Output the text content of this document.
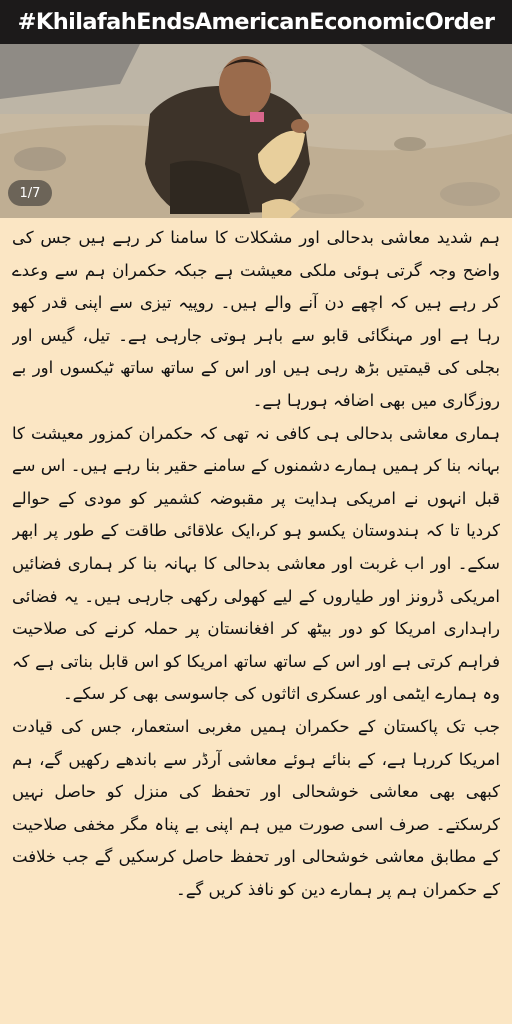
#KhilafahEndsAmericanEconomicOrder
1/7

ہم شدید معاشی بدحالی اور مشکلات کا سامنا کر رہے ہیں جس کی واضح وجہ گرتی ہوئی ملکی معیشت ہے جبکہ حکمران ہم سے وعدے کر رہے ہیں کہ اچھے دن آنے والے ہیں۔ روپیہ تیزی سے اپنی قدر کھو رہا ہے اور مہنگائی قابو سے باہر ہوتی جارہی ہے۔ تیل، گیس اور بجلی کی قیمتیں بڑھ رہی ہیں اور اس کے ساتھ ساتھ ٹیکسوں اور بے روزگاری میں بھی اضافہ ہورہا ہے۔

ہماری معاشی بدحالی ہی کافی نہ تھی کہ حکمران کمزور معیشت کا بہانہ بنا کر ہمیں ہمارے دشمنوں کے سامنے حقیر بنا رہے ہیں۔ اس سے قبل انہوں نے امریکی ہدایت پر مقبوضہ کشمیر کو مودی کے حوالے کردیا تا کہ ہندوستان یکسو ہو کر،ایک علاقائی طاقت کے طور پر ابھر سکے۔ اور اب غربت اور معاشی بدحالی کا بہانہ بنا کر ہماری فضائیں امریکی ڈرونز اور طیاروں کے لیے کھولی رکھی جارہی ہیں۔ یہ فضائی راہداری امریکا کو دور بیٹھ کر افغانستان پر حملہ کرنے کی صلاحیت فراہم کرتی ہے اور اس کے ساتھ ساتھ امریکا کو اس قابل بناتی ہے کہ وہ ہمارے ایٹمی اور عسکری اثاثوں کی جاسوسی بھی کر سکے۔

جب تک پاکستان کے حکمران ہمیں مغربی استعمار، جس کی قیادت امریکا کررہا ہے، کے بنائے ہوئے معاشی آرڈر سے باندھے رکھیں گے، ہم کبھی بھی معاشی خوشحالی اور تحفظ کی منزل کو حاصل نہیں کرسکتے۔ صرف اسی صورت میں ہم اپنی بے پناہ مگر مخفی صلاحیت کے مطابق معاشی خوشحالی اور تحفظ حاصل کرسکیں گے جب خلافت کے حکمران ہم پر ہمارے دین کو نافذ کریں گے۔
